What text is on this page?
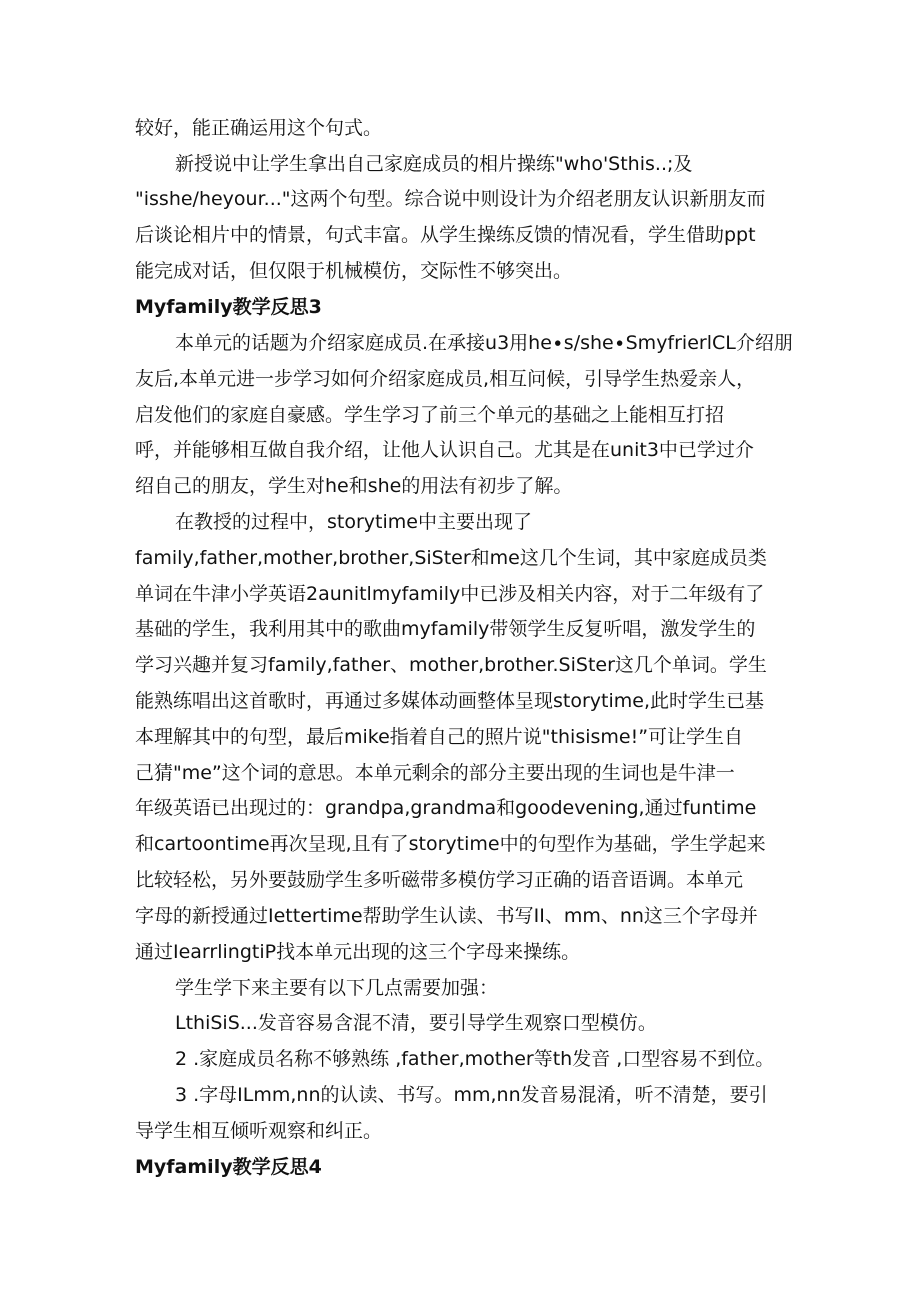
较好，能正确运用这个句式。
新授说中让学生拿出自己家庭成员的相片操练"who'Sthis..;及
"isshe/heyour..."这两个句型。综合说中则设计为介绍老朋友认识新朋友而
后谈论相片中的情景，句式丰富。从学生操练反馈的情况看，学生借助ppt
能完成对话，但仅限于机械模仿，交际性不够突出。
Myfamily教学反思3
本单元的话题为介绍家庭成员.在承接u3用he∙s∕she∙SmyfrierlCL介绍朋
友后,本单元进一步学习如何介绍家庭成员,相互问候，引导学生热爱亲人，
启发他们的家庭自豪感。学生学习了前三个单元的基础之上能相互打招
呼，并能够相互做自我介绍，让他人认识自己。尤其是在unit3中已学过介
绍自己的朋友，学生对he和she的用法有初步了解。
在教授的过程中，storytime中主要出现了
family,father,mother,brother,SiSter和me这几个生词，其中家庭成员类
单词在牛津小学英语2aunitlmyfamily中已涉及相关内容，对于二年级有了
基础的学生，我利用其中的歌曲myfamily带领学生反复听唱，激发学生的
学习兴趣并复习family,father、mother,brother.SiSter这几个单词。学生
能熟练唱出这首歌时，再通过多媒体动画整体呈现storytime,此时学生已基
本理解其中的句型，最后mike指着自己的照片说"thisisme!”可让学生自
己猜"me”这个词的意思。本单元剩余的部分主要出现的生词也是牛津一
年级英语已出现过的：grandpa,grandma和goodevening,通过funtime
和cartoontime再次呈现,且有了storytime中的句型作为基础，学生学起来
比较轻松，另外要鼓励学生多听磁带多模仿学习正确的语音语调。本单元
字母的新授通过Iettertime帮助学生认读、书写II、mm、nn这三个字母并
通过IearrlingtiP找本单元出现的这三个字母来操练。
学生学下来主要有以下几点需要加强：
LthiSiS...发音容易含混不清，要引导学生观察口型模仿。
2 .家庭成员名称不够熟练 ,father,mother等th发音 ,口型容易不到位。
3 .字母ILmm,nn的认读、书写。mm,nn发音易混淆，听不清楚，要引
导学生相互倾听观察和纠正。
Myfamily教学反思4
